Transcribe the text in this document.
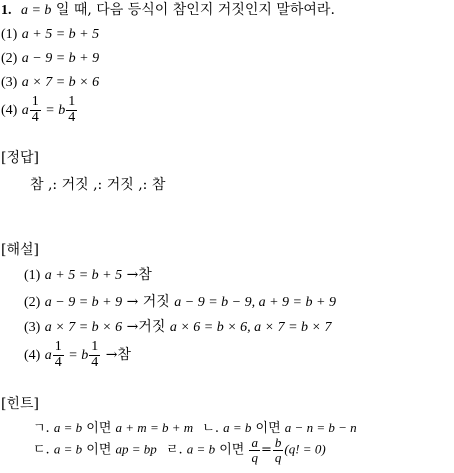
1. a = b 일 때, 다음 등식이 참인지 거짓인지 말하여라.
(1) a + 5 = b + 5
(2) a − 9 = b + 9
(3) a × 7 = b × 6
(4) a $\frac{1}{4} = b \frac{1}{4}$
[정답]
참 ,: 거짓 ,: 거짓 ,: 참
[해설]
(1) a + 5 = b + 5 →참
(2) a − 9 = b + 9 → 거짓 a − 9 = b − 9, a + 9 = b + 9
(3) a × 7 = b × 6 →거짓 a × 6 = b × 6, a × 7 = b × 7
(4) a $\frac{1}{4} = b \frac{1}{4}$ →참
[힌트]
ㄱ. a = b 이면 a + m = b + m ㄴ. a = b 이면 a − n = b − n
ㄷ. a = b 이면 ap = bp ㄹ. a = b 이면 $\frac{a}{q} = \frac{b}{q} (q$! = 0)
